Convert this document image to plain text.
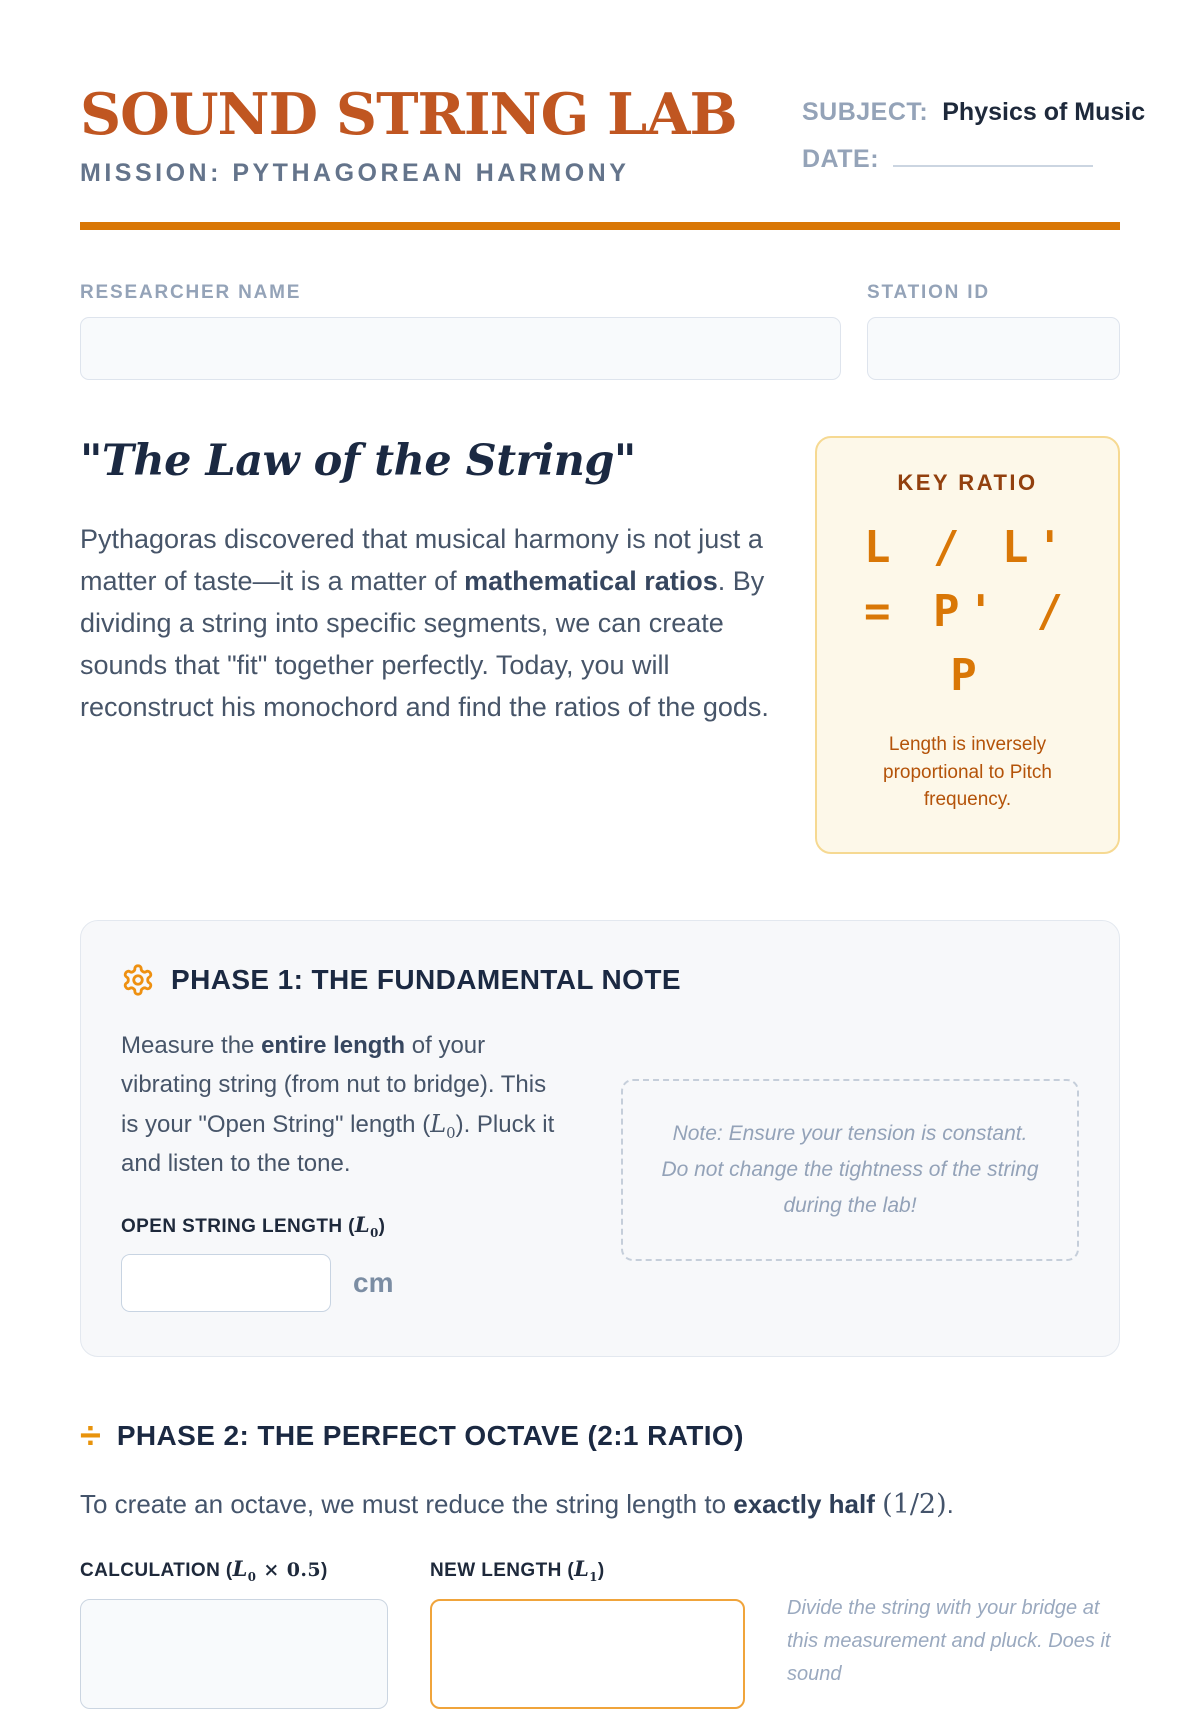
SOUND STRING LAB
MISSION: PYTHAGOREAN HARMONY
SUBJECT: Physics of Music
DATE:
RESEARCHER NAME	STATION ID
"The Law of the String"

Pythagoras discovered that musical harmony is not just a matter of taste—it is a matter of mathematical ratios. By dividing a string into specific segments, we can create sounds that "fit" together perfectly. Today, you will reconstruct his monochord and find the ratios of the gods.

KEY RATIO
L / L' = P' / P
Length is inversely proportional to Pitch frequency.
PHASE 1: THE FUNDAMENTAL NOTE
Measure the entire length of your vibrating string (from nut to bridge). This is your "Open String" length $(L_0)$. Pluck it and listen to the tone.
OPEN STRING LENGTH $(L_0)$
cm
Note: Ensure your tension is constant. Do not change the tightness of the string during the lab!
÷ PHASE 2: THE PERFECT OCTAVE (2:1 RATIO)

To create an octave, we must reduce the string length to exactly half (1/2).

CALCULATION $(L_0 \times 0.5)$	NEW LENGTH $(L_1)$
Divide the string with your bridge at this measurement and pluck. Does it sound
